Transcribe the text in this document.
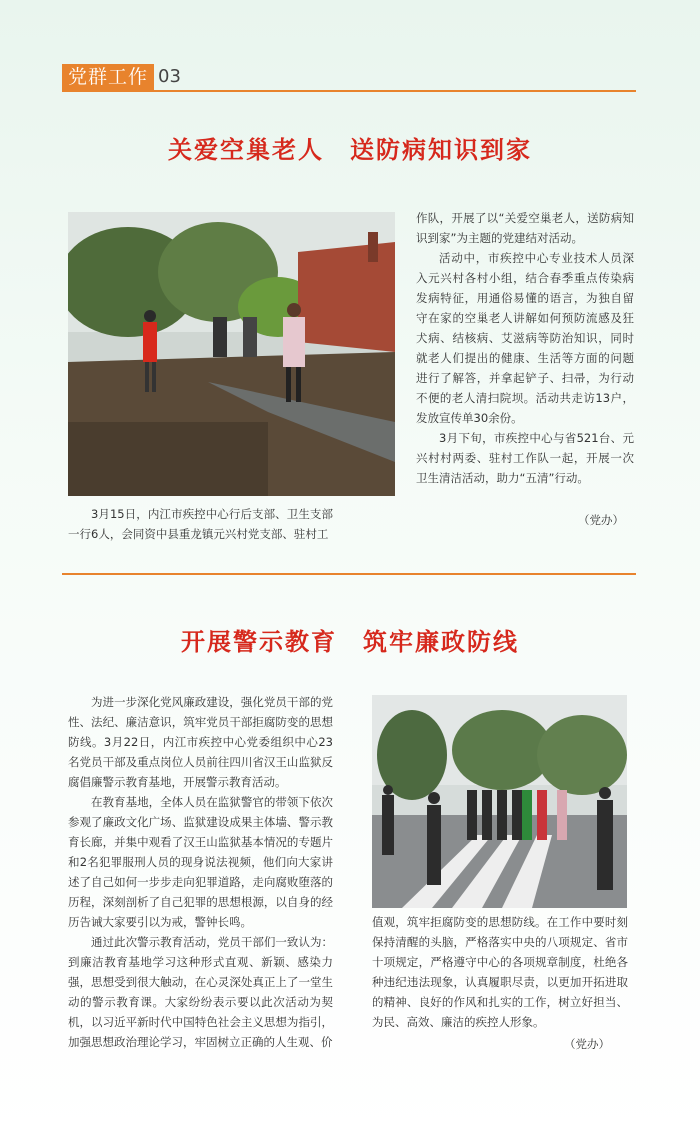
党群工作 03
关爱空巢老人　送防病知识到家

3月15日，内江市疾控中心行后支部、卫生支部一行6人，会同资中县重龙镇元兴村党支部、驻村工

作队，开展了以“关爱空巢老人，送防病知识到家”为主题的党建结对活动。

活动中，市疾控中心专业技术人员深入元兴村各村小组，结合春季重点传染病发病特征，用通俗易懂的语言，为独自留守在家的空巢老人讲解如何预防流感及狂犬病、结核病、艾滋病等防治知识，同时就老人们提出的健康、生活等方面的问题进行了解答，并拿起铲子、扫帚，为行动不便的老人清扫院坝。活动共走访13户，发放宣传单30余份。

3月下旬，市疾控中心与省521台、元兴村村两委、驻村工作队一起，开展一次卫生清洁活动，助力“五清”行动。

（党办）
开展警示教育　筑牢廉政防线

为进一步深化党风廉政建设，强化党员干部的党性、法纪、廉洁意识，筑牢党员干部拒腐防变的思想防线。3月22日，内江市疾控中心党委组织中心23名党员干部及重点岗位人员前往四川省汉王山监狱反腐倡廉警示教育基地，开展警示教育活动。

在教育基地，全体人员在监狱警官的带领下依次参观了廉政文化广场、监狱建设成果主体墙、警示教育长廊，并集中观看了汉王山监狱基本情况的专题片和2名犯罪服刑人员的现身说法视频，他们向大家讲述了自己如何一步步走向犯罪道路，走向腐败堕落的历程，深刻剖析了自己犯罪的思想根源，以自身的经历告诫大家要引以为戒，警钟长鸣。

通过此次警示教育活动，党员干部们一致认为：到廉洁教育基地学习这种形式直观、新颖、感染力强，思想受到很大触动，在心灵深处真正上了一堂生动的警示教育课。大家纷纷表示要以此次活动为契机，以习近平新时代中国特色社会主义思想为指引，加强思想政治理论学习，牢固树立正确的人生观、价

值观，筑牢拒腐防变的思想防线。在工作中要时刻保持清醒的头脑，严格落实中央的八项规定、省市十项规定，严格遵守中心的各项规章制度，杜绝各种违纪违法现象，认真履职尽责，以更加开拓进取的精神、良好的作风和扎实的工作，树立好担当、为民、高效、廉洁的疾控人形象。

（党办）
